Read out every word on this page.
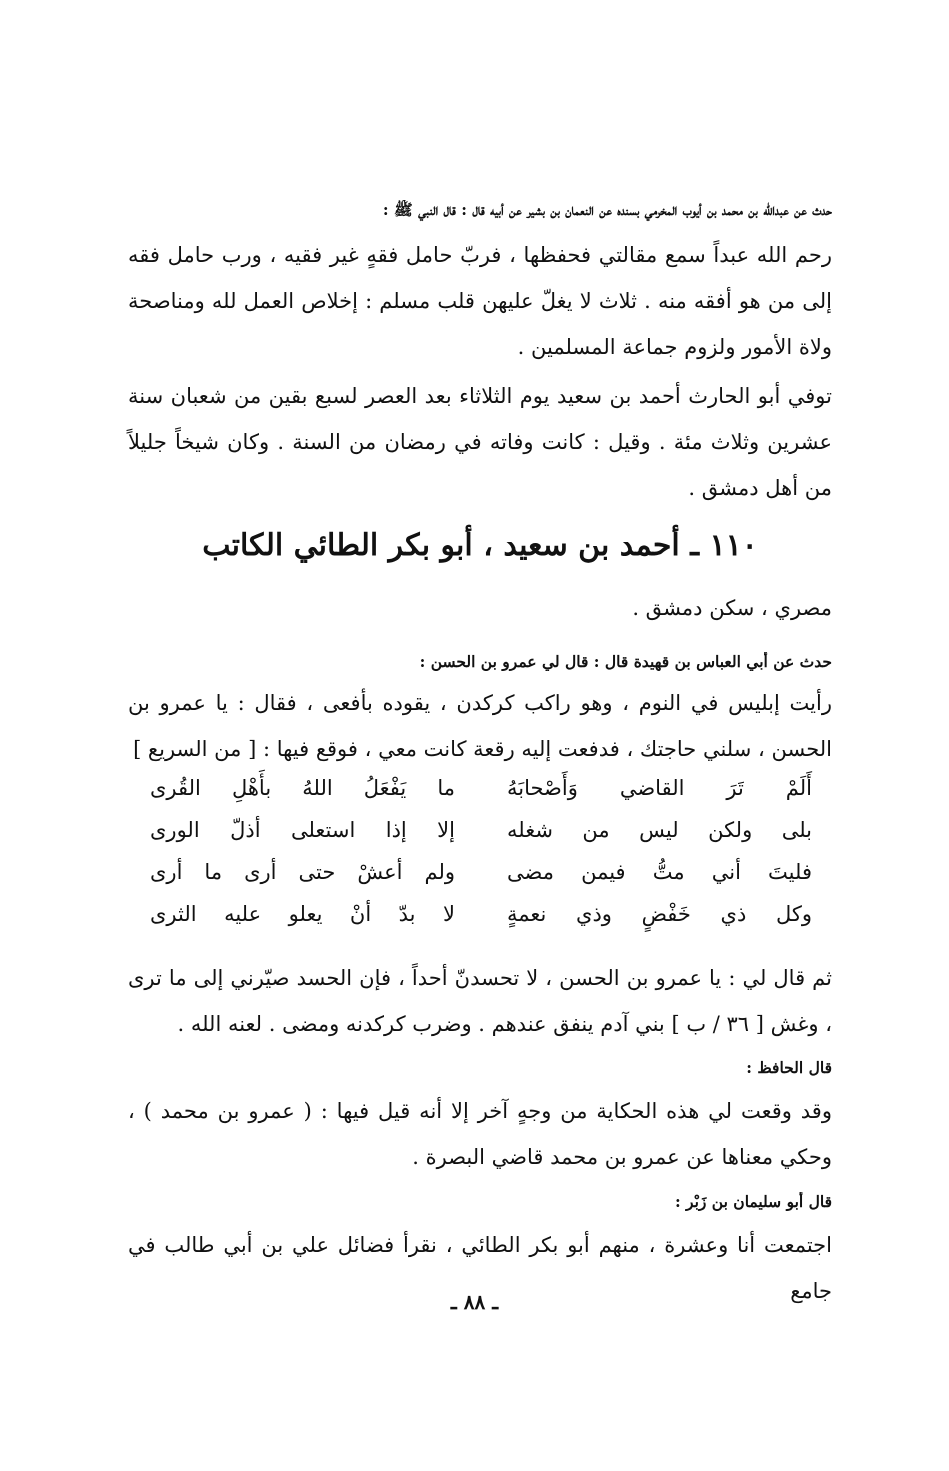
حدث عن عبدالله بن محمد بن أيوب المخرمي بسنده عن النعمان بن بشير عن أبيه قال : قال النبي ﷺ :
رحم الله عبداً سمع مقالتي فحفظها ، فربّ حامل فقهٍ غير فقيه ، ورب حامل فقه إلى من هو أفقه منه . ثلاث لا يغلّ عليهن قلب مسلم : إخلاص العمل لله ومناصحة ولاة الأمور ولزوم جماعة المسلمين .
توفي أبو الحارث أحمد بن سعيد يوم الثلاثاء بعد العصر لسبع بقين من شعبان سنة عشرين وثلاث مئة . وقيل : كانت وفاته في رمضان من السنة . وكان شيخاً جليلاً من أهل دمشق .
١١٠ ـ أحمد بن سعيد ، أبو بكر الطائي الكاتب
مصري ، سكن دمشق .
حدث عن أبي العباس بن قهيدة قال : قال لي عمرو بن الحسن :
رأيت إبليس في النوم ، وهو راكب كركدن ، يقوده بأفعى ، فقال : يا عمرو بن الحسن ، سلني حاجتك ، فدفعت إليه رقعة كانت معي ، فوقع فيها : [ من السريع ]
أَلَمْ تَرَ القاضي وَأَصْحابَهُ
ما يَفْعَلُ اللهُ بأَهْلِ القُرى
بلى ولكن ليس من شغله
إلا إذا استعلى أذلّ الورى
فليتَ أني متُّ فيمن مضى
ولم أعشْ حتى أرى ما أرى
وكل ذي خَفْضٍ وذي نعمةٍ
لا بدّ أنْ يعلو عليه الثرى
ثم قال لي : يا عمرو بن الحسن ، لا تحسدنّ أحداً ، فإن الحسد صيّرني إلى ما ترى ، وغش [ ٣٦ / ب ] بني آدم ينفق عندهم . وضرب كركدنه ومضى . لعنه الله .
قال الحافظ :
وقد وقعت لي هذه الحكاية من وجهٍ آخر إلا أنه قيل فيها : ( عمرو بن محمد ) ، وحكي معناها عن عمرو بن محمد قاضي البصرة .
قال أبو سليمان بن زَبْر :
اجتمعت أنا وعشرة ، منهم أبو بكر الطائي ، نقرأ فضائل علي بن أبي طالب في جامع
ـ ٨٨ ـ
